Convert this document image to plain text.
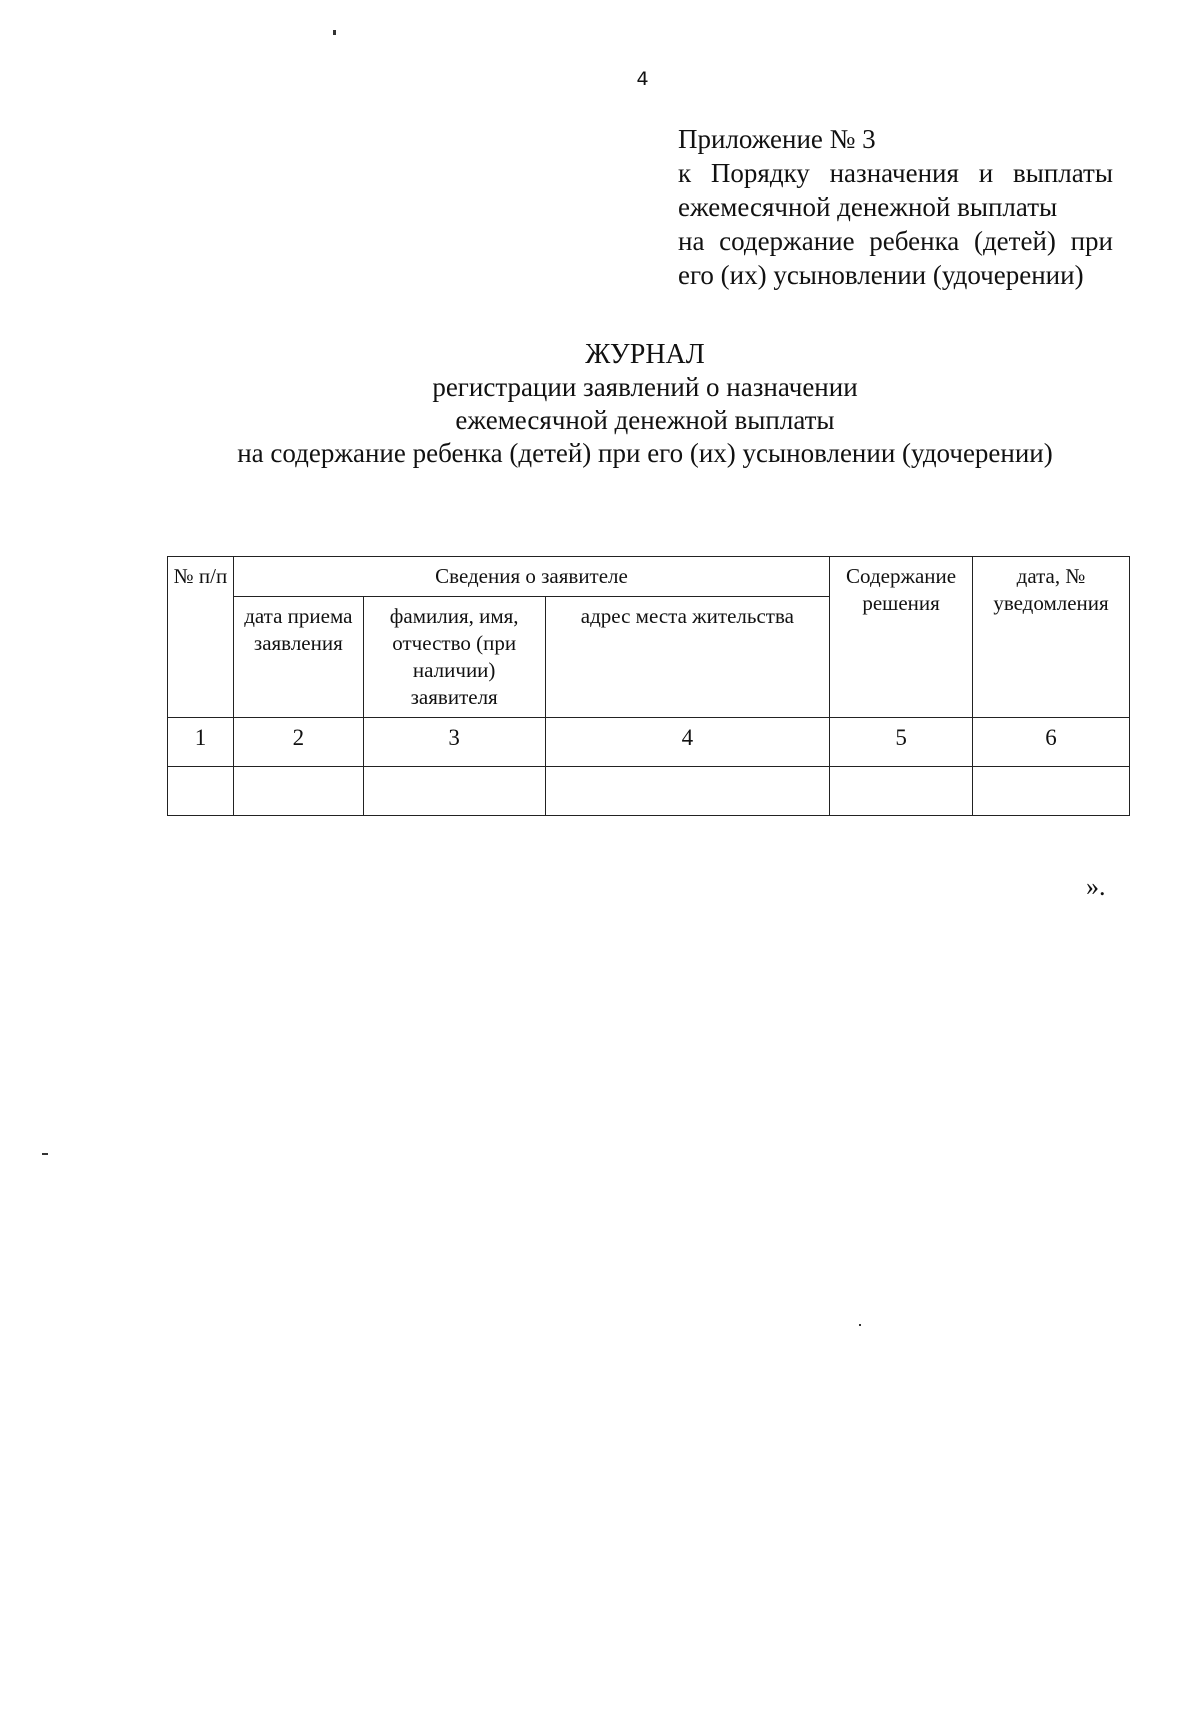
4
Приложение № 3
к Порядку назначения и выплаты
ежемесячной денежной выплаты
на содержание ребенка (детей) при
его (их) усыновлении (удочерении)
ЖУРНАЛ
регистрации заявлений о назначении
ежемесячной денежной выплаты
на содержание ребенка (детей) при его (их) усыновлении (удочерении)
№ п/п	Сведения о заявителе			Содержание решения	дата, № уведомления
	дата приема заявления	фамилия, имя, отчество (при наличии) заявителя	адрес места жительства		
1	2	3	4	5	6

».
